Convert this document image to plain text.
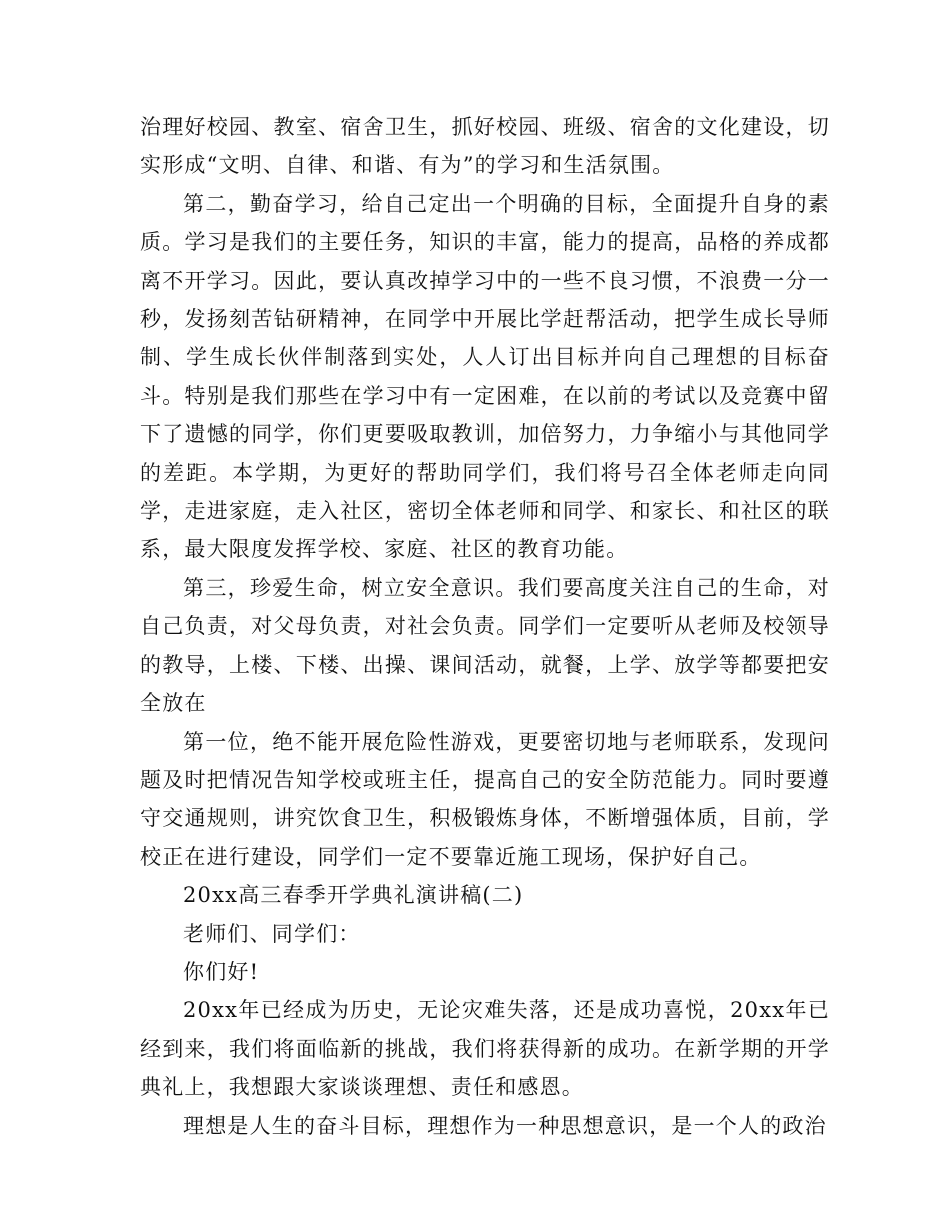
治理好校园、教室、宿舍卫生，抓好校园、班级、宿舍的文化建设，切实形成“文明、自律、和谐、有为”的学习和生活氛围。

第二，勤奋学习，给自己定出一个明确的目标，全面提升自身的素质。学习是我们的主要任务，知识的丰富，能力的提高，品格的养成都离不开学习。因此，要认真改掉学习中的一些不良习惯，不浪费一分一秒，发扬刻苦钻研精神，在同学中开展比学赶帮活动，把学生成长导师制、学生成长伙伴制落到实处，人人订出目标并向自己理想的目标奋斗。特别是我们那些在学习中有一定困难，在以前的考试以及竞赛中留下了遗憾的同学，你们更要吸取教训，加倍努力，力争缩小与其他同学的差距。本学期，为更好的帮助同学们，我们将号召全体老师走向同学，走进家庭，走入社区，密切全体老师和同学、和家长、和社区的联系，最大限度发挥学校、家庭、社区的教育功能。

第三，珍爱生命，树立安全意识。我们要高度关注自己的生命，对自己负责，对父母负责，对社会负责。同学们一定要听从老师及校领导的教导，上楼、下楼、出操、课间活动，就餐，上学、放学等都要把安全放在

第一位，绝不能开展危险性游戏，更要密切地与老师联系，发现问题及时把情况告知学校或班主任，提高自己的安全防范能力。同时要遵守交通规则，讲究饮食卫生，积极锻炼身体，不断增强体质，目前，学校正在进行建设，同学们一定不要靠近施工现场，保护好自己。

20xx高三春季开学典礼演讲稿(二)

老师们、同学们：

你们好!

20xx年已经成为历史，无论灾难失落，还是成功喜悦，20xx年已经到来，我们将面临新的挑战，我们将获得新的成功。在新学期的开学典礼上，我想跟大家谈谈理想、责任和感恩。

理想是人生的奋斗目标，理想作为一种思想意识，是一个人的政治
